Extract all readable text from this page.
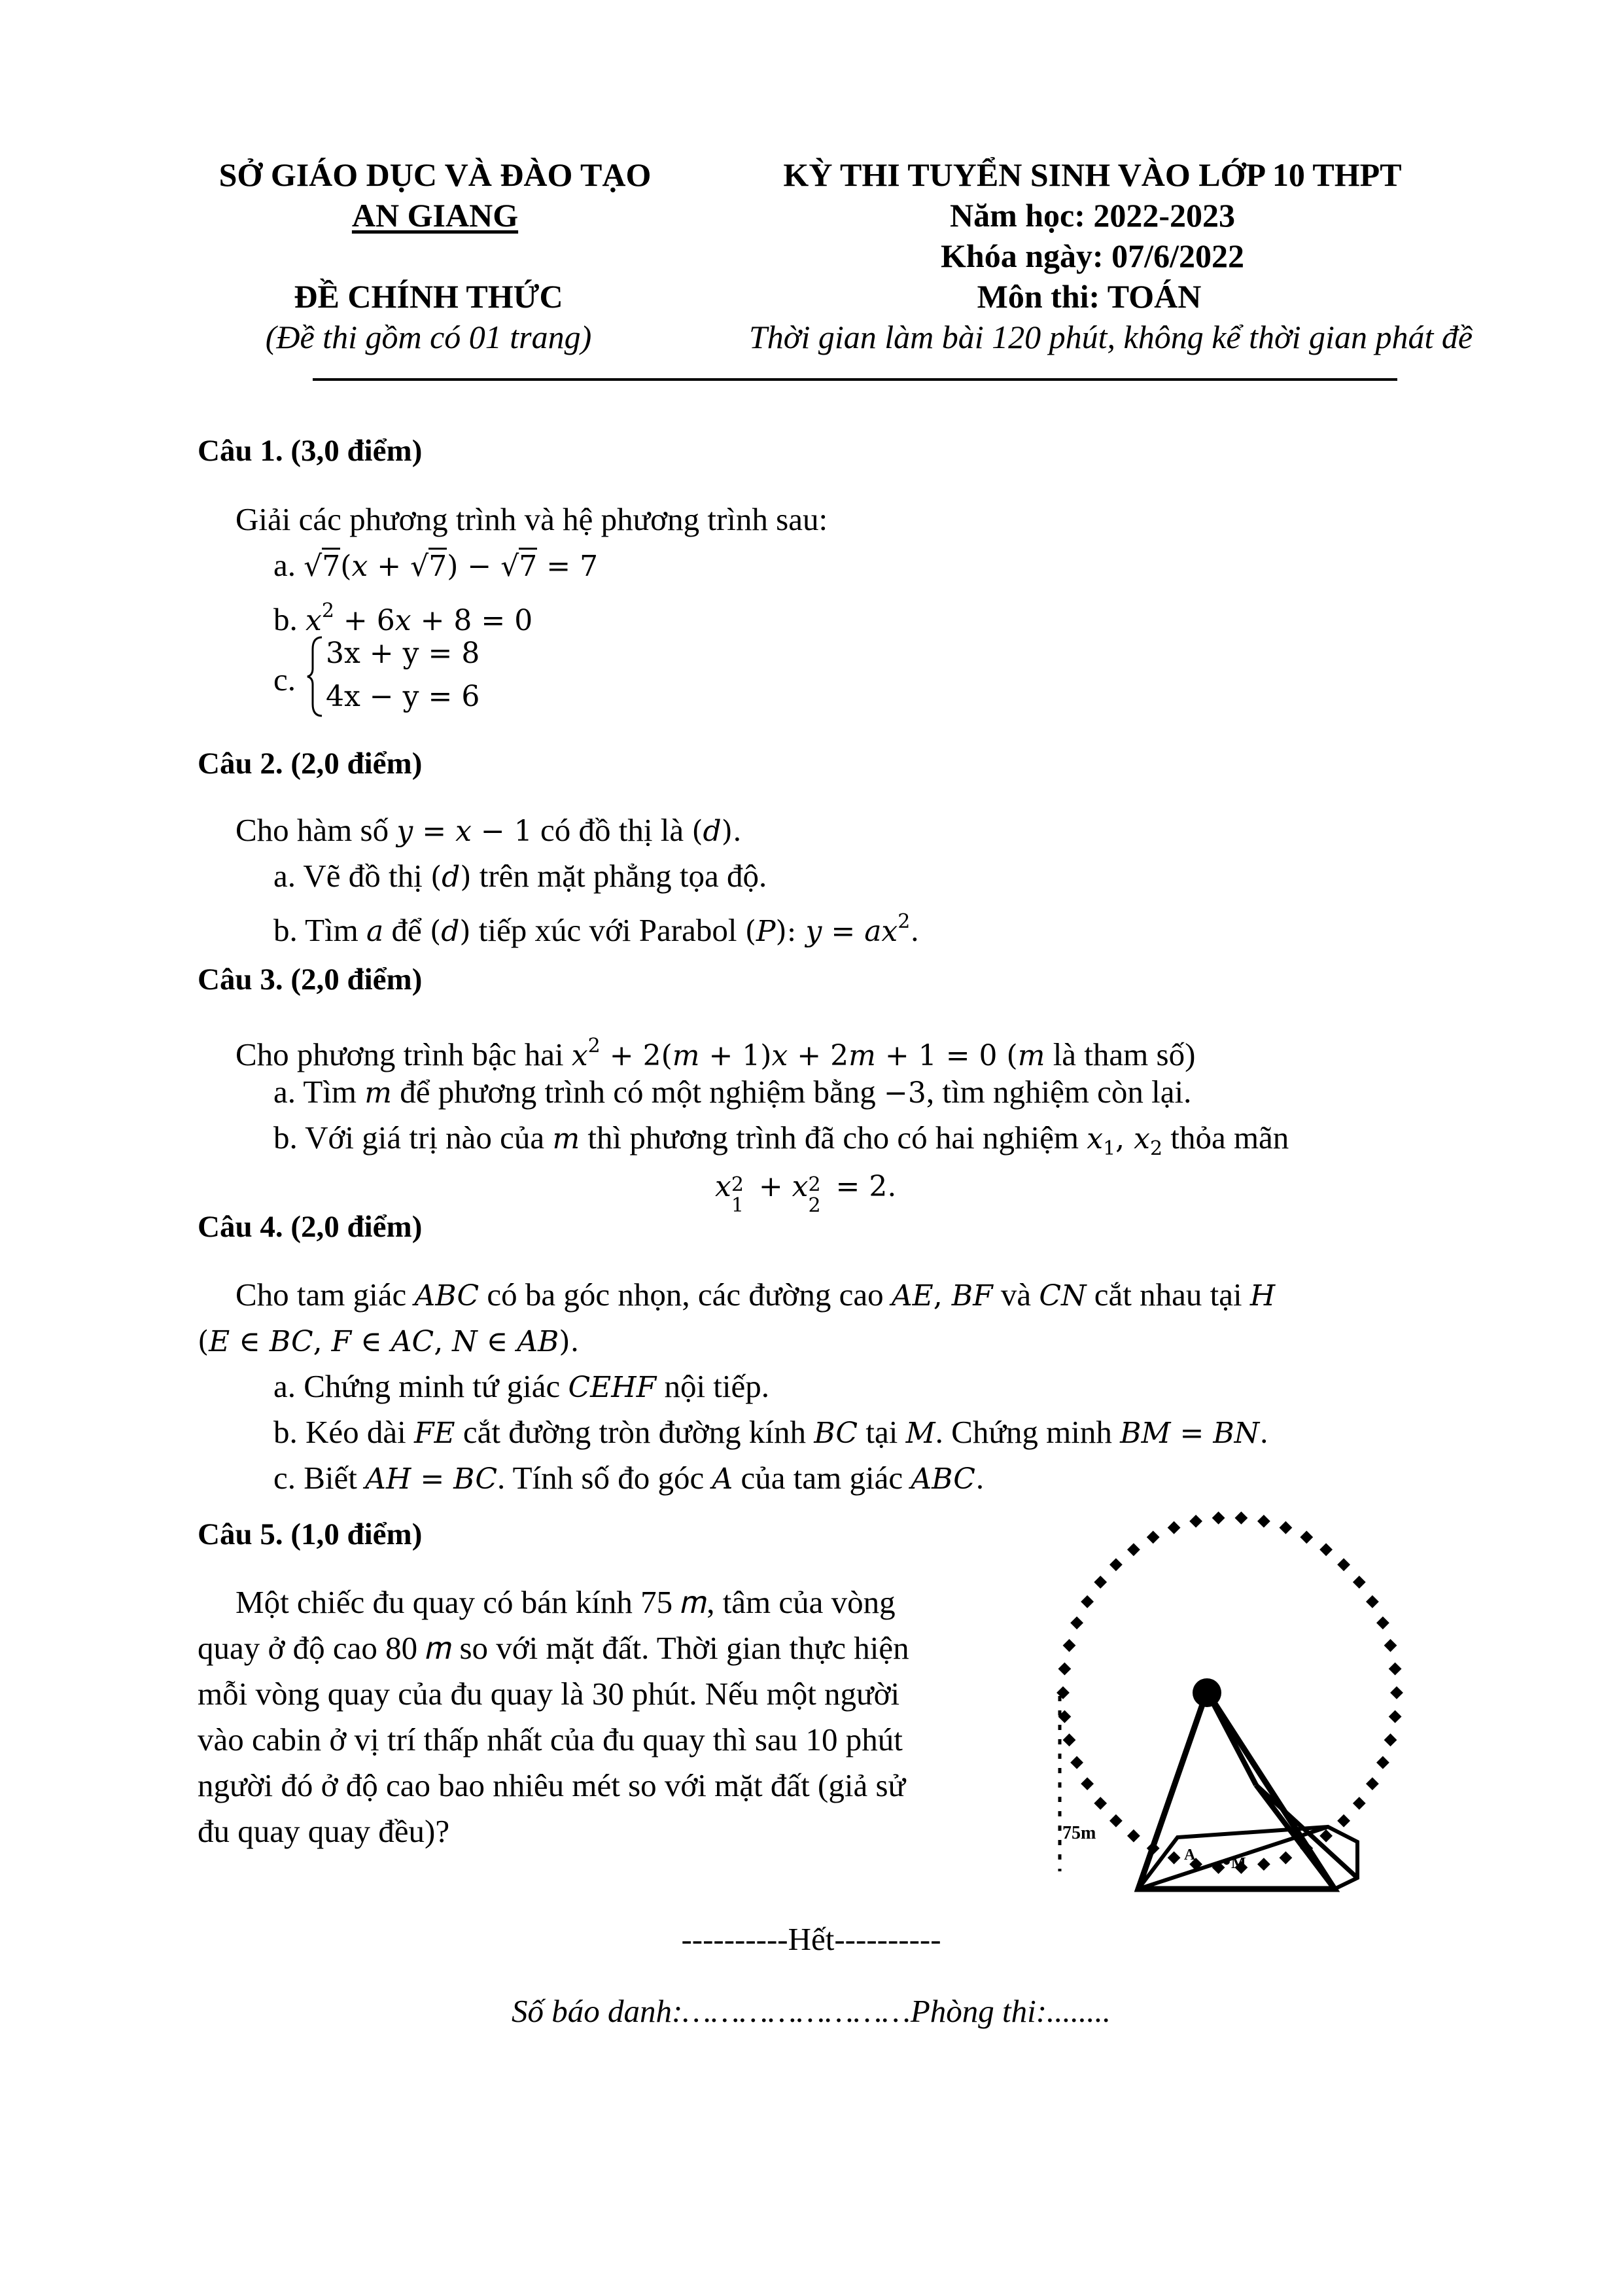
SỞ GIÁO DỤC VÀ ĐÀO TẠO
AN GIANG
ĐỀ CHÍNH THỨC
(Đề thi gồm có 01 trang)
KỲ THI TUYỂN SINH VÀO LỚP 10 THPT
Năm học: 2022-2023
Khóa ngày: 07/6/2022
Môn thi: TOÁN
Thời gian làm bài 120 phút, không kể thời gian phát đề
Câu 1. (3,0 điểm)
Giải các phương trình và hệ phương trình sau:
a. √7(x + √7) − √7 = 7
b. $x^2 + 6x + 8 = 0$
c.
3x + y = 8
4x − y = 6
Câu 2. (2,0 điểm)
Cho hàm số y = x − 1 có đồ thị là (d).
a. Vẽ đồ thị (d) trên mặt phẳng tọa độ.
b. Tìm a để (d) tiếp xúc với Parabol (P): $y = ax^2$.
Câu 3. (2,0 điểm)
Cho phương trình bậc hai $x^2 + 2(m + 1)x + 2m + 1 = 0$ (m là tham số)
a. Tìm m để phương trình có một nghiệm bằng −3, tìm nghiệm còn lại.
b. Với giá trị nào của m thì phương trình đã cho có hai nghiệm $x_1$, $x_2$ thỏa mãn
x 2
1
+ x 2
2
= 2.
Câu 4. (2,0 điểm)
Cho tam giác ABC có ba góc nhọn, các đường cao AE, BF và CN cắt nhau tại H
(E ∈ BC, F ∈ AC, N ∈ AB).
a. Chứng minh tứ giác CEHF nội tiếp.
b. Kéo dài FE cắt đường tròn đường kính BC tại M. Chứng minh BM = BN.
c. Biết AH = BC. Tính số đo góc A của tam giác ABC.
Câu 5. (1,0 điểm)
Một chiếc đu quay có bán kính 75 𝑚, tâm của vòng
quay ở độ cao 80 𝑚 so với mặt đất. Thời gian thực hiện
mỗi vòng quay của đu quay là 30 phút. Nếu một người
vào cabin ở vị trí thấp nhất của đu quay thì sau 10 phút
người đó ở độ cao bao nhiêu mét so với mặt đất (giả sử
đu quay quay đều)?	75m
A M
----------Hết----------
Số báo danh:……………………Phòng thi:........
